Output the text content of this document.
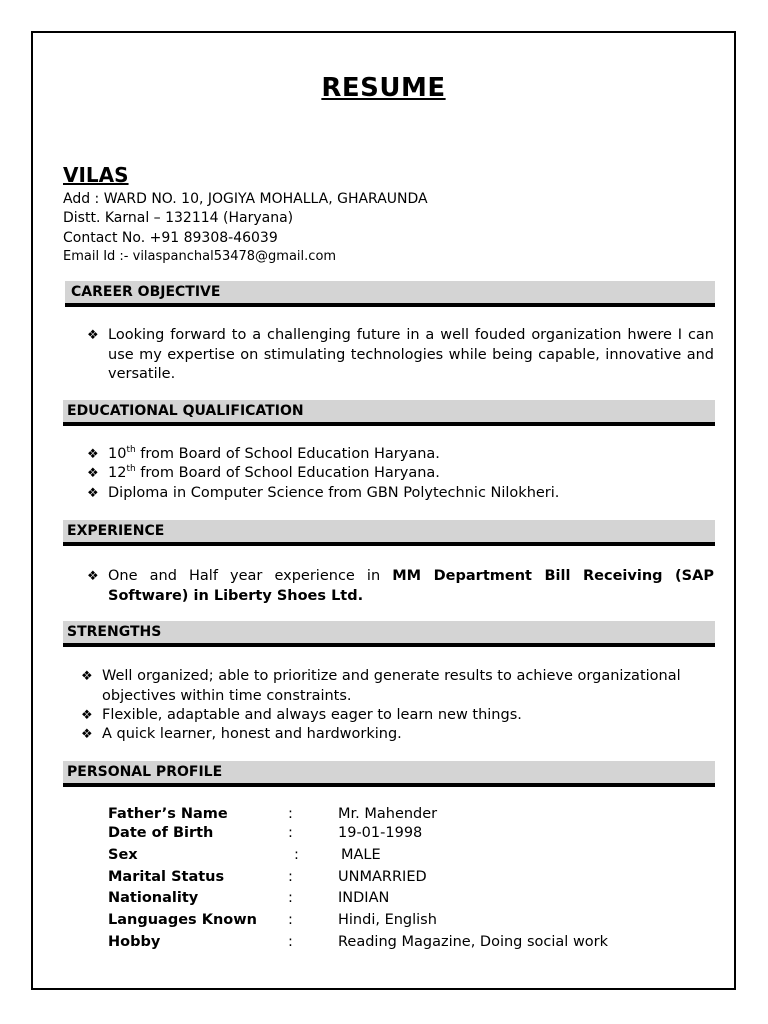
RESUME
VILAS
Add : WARD NO. 10, JOGIYA MOHALLA, GHARAUNDA
Distt. Karnal – 132114 (Haryana)
Contact No. +91 89308-46039
Email Id :- vilaspanchal53478@gmail.com
CAREER OBJECTIVE
❖ Looking forward to a challenging future in a well fouded organization hwere I can use my expertise on stimulating technologies while being capable, innovative and versatile.
EDUCATIONAL QUALIFICATION
❖ 10th from Board of School Education Haryana.
❖ 12th from Board of School Education Haryana.
❖ Diploma in Computer Science from GBN Polytechnic Nilokheri.
EXPERIENCE
❖ One and Half year experience in MM Department Bill Receiving (SAP Software) in Liberty Shoes Ltd.
STRENGTHS
❖ Well organized; able to prioritize and generate results to achieve organizational objectives within time constraints.
❖ Flexible, adaptable and always eager to learn new things.
❖ A quick learner, honest and hardworking.
PERSONAL PROFILE
Father’s Name	:	Mr. Mahender
Date of Birth	:	19-01-1998
Sex	:	MALE
Marital Status	:	UNMARRIED
Nationality	:	INDIAN
Languages Known :	Hindi, English
Hobby	:	Reading Magazine, Doing social work
